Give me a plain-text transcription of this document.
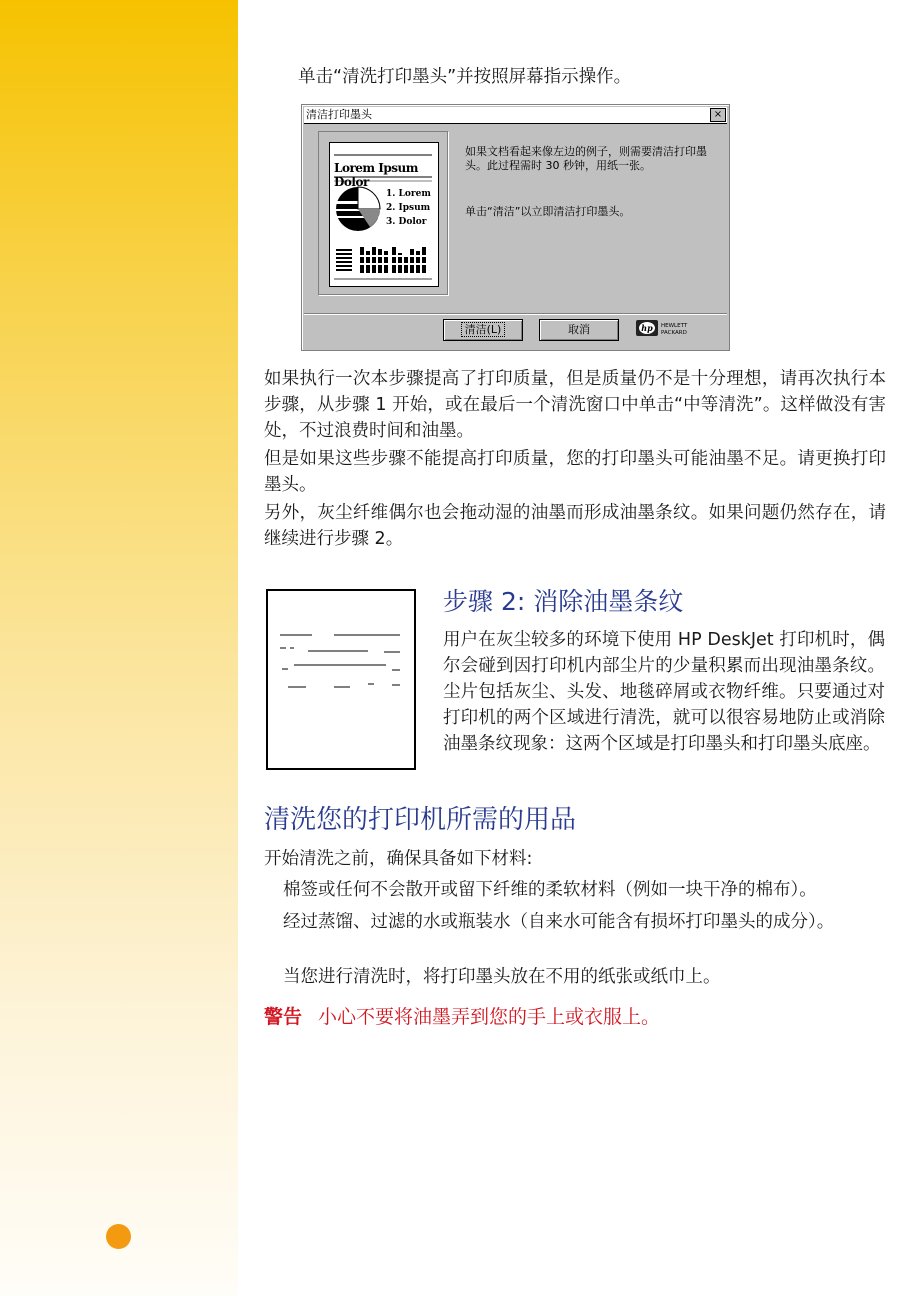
单击“清洗打印墨头”并按照屏幕指示操作。

清洁打印墨头	×
Lorem Ipsum Dolor
1. Lorem
2. Ipsum
3. Dolor
如果文档看起来像左边的例子，则需要清洁打印墨头。此过程需时 30 秒钟，用纸一张。
单击“清洁”以立即清洁打印墨头。
清洁(L)	取消	hp HEWLETT
PACKARD

如果执行一次本步骤提高了打印质量，但是质量仍不是十分理想，请再次执行本步骤，从步骤 1 开始，或在最后一个清洗窗口中单击“中等清洗”。这样做没有害处，不过浪费时间和油墨。

但是如果这些步骤不能提高打印质量，您的打印墨头可能油墨不足。请更换打印墨头。

另外，灰尘纤维偶尔也会拖动湿的油墨而形成油墨条纹。如果问题仍然存在，请继续进行步骤 2。

步骤 2: 消除油墨条纹

用户在灰尘较多的环境下使用 HP DeskJet 打印机时，偶尔会碰到因打印机内部尘片的少量积累而出现油墨条纹。尘片包括灰尘、头发、地毯碎屑或衣物纤维。只要通过对打印机的两个区域进行清洗，就可以很容易地防止或消除油墨条纹现象：这两个区域是打印墨头和打印墨头底座。

清洗您的打印机所需的用品

开始清洗之前，确保具备如下材料:

棉签或任何不会散开或留下纤维的柔软材料（例如一块干净的棉布）。

经过蒸馏、过滤的水或瓶装水（自来水可能含有损坏打印墨头的成分）。

当您进行清洗时，将打印墨头放在不用的纸张或纸巾上。

警告 小心不要将油墨弄到您的手上或衣服上。
